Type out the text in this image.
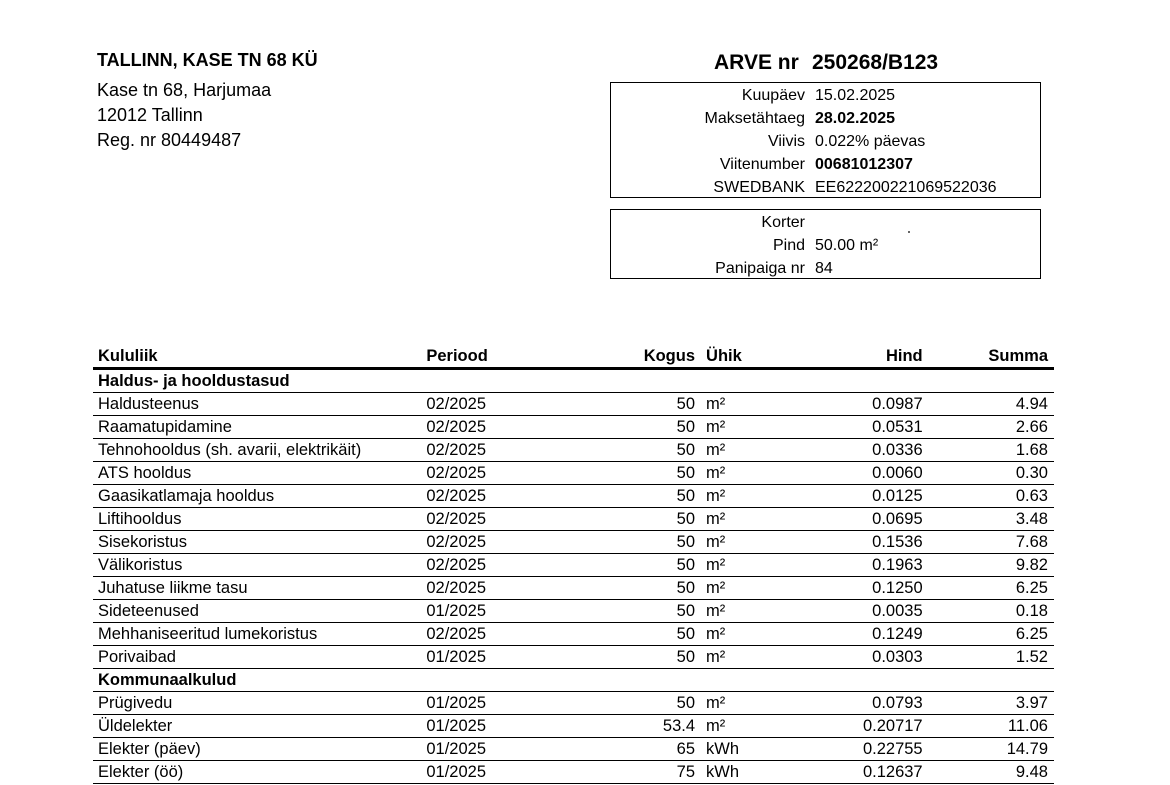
TALLINN, KASE TN 68 KÜ
Kase tn 68, Harjumaa
12012 Tallinn
Reg. nr 80449487
ARVE nr 250268/B123
Kuupäev 15.02.2025
Maksetähtaeg 28.02.2025
Viivis 0.022% päevas
Viitenumber 00681012307
SWEDBANK EE622200221069522036
Korter
Pind 50.00 m²
Panipaiga nr 84
Kululiik	Periood	Kogus	Ühik	Hind	Summa
Haldus- ja hooldustasud					
Haldusteenus	02/2025	50	m²	0.0987	4.94
Raamatupidamine	02/2025	50	m²	0.0531	2.66
Tehnohooldus (sh. avarii, elektrikäit)	02/2025	50	m²	0.0336	1.68
ATS hooldus	02/2025	50	m²	0.0060	0.30
Gaasikatlamaja hooldus	02/2025	50	m²	0.0125	0.63
Liftihooldus	02/2025	50	m²	0.0695	3.48
Sisekoristus	02/2025	50	m²	0.1536	7.68
Välikoristus	02/2025	50	m²	0.1963	9.82
Juhatuse liikme tasu	02/2025	50	m²	0.1250	6.25
Sideteenused	01/2025	50	m²	0.0035	0.18
Mehhaniseeritud lumekoristus	02/2025	50	m²	0.1249	6.25
Porivaibad	01/2025	50	m²	0.0303	1.52
Kommunaalkulud					
Prügivedu	01/2025	50	m²	0.0793	3.97
Üldelekter	01/2025	53.4	m²	0.20717	11.06
Elekter (päev)	01/2025	65	kWh	0.22755	14.79
Elekter (öö)	01/2025	75	kWh	0.12637	9.48
